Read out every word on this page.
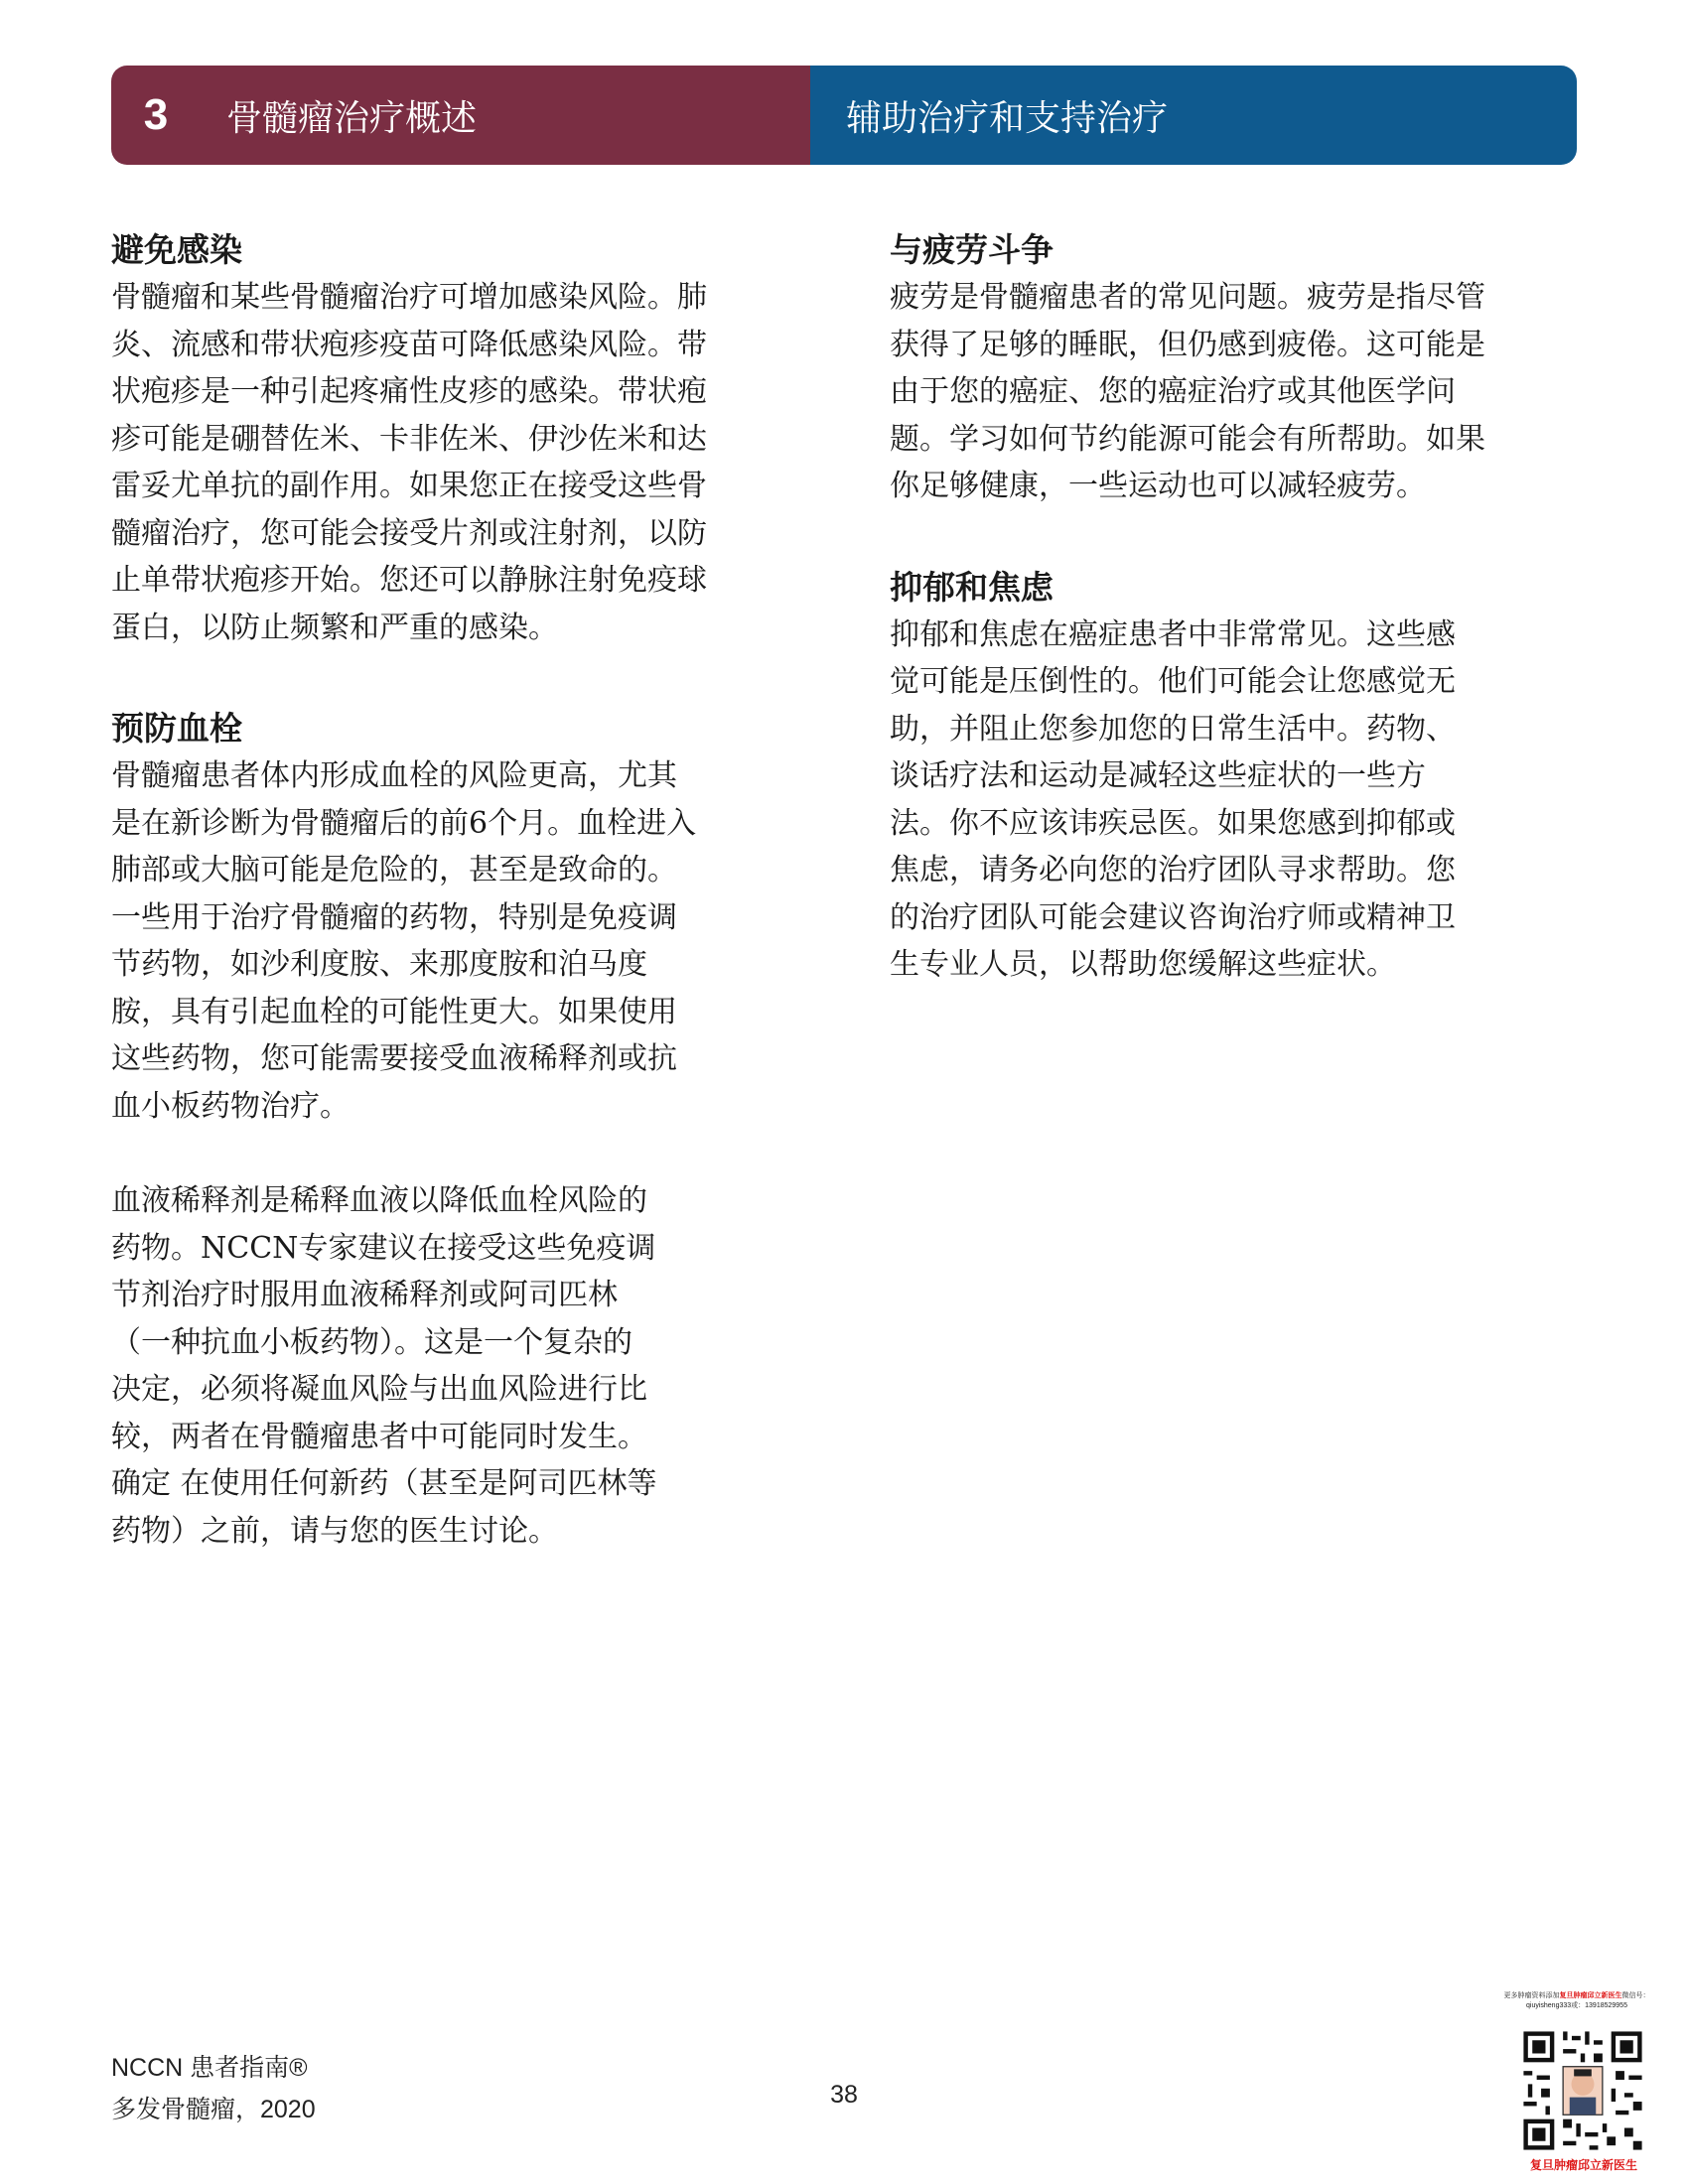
3	骨髓瘤治疗概述	辅助治疗和支持治疗
避免感染

骨髓瘤和某些骨髓瘤治疗可增加感染风险。肺
炎、流感和带状疱疹疫苗可降低感染风险。带
状疱疹是一种引起疼痛性皮疹的感染。带状疱
疹可能是硼替佐米、卡非佐米、伊沙佐米和达
雷妥尤单抗的副作用。如果您正在接受这些骨
髓瘤治疗，您可能会接受片剂或注射剂，以防
止单带状疱疹开始。您还可以静脉注射免疫球
蛋白，以防止频繁和严重的感染。

预防血栓

骨髓瘤患者体内形成血栓的风险更高，尤其
是在新诊断为骨髓瘤后的前6个月。血栓进入
肺部或大脑可能是危险的，甚至是致命的。
一些用于治疗骨髓瘤的药物，特别是免疫调
节药物，如沙利度胺、来那度胺和泊马度
胺，具有引起血栓的可能性更大。如果使用
这些药物，您可能需要接受血液稀释剂或抗
血小板药物治疗。

血液稀释剂是稀释血液以降低血栓风险的
药物。NCCN专家建议在接受这些免疫调
节剂治疗时服用血液稀释剂或阿司匹林
（一种抗血小板药物）。这是一个复杂的
决定，必须将凝血风险与出血风险进行比
较，两者在骨髓瘤患者中可能同时发生。
确定 在使用任何新药（甚至是阿司匹林等
药物）之前，请与您的医生讨论。

与疲劳斗争

疲劳是骨髓瘤患者的常见问题。疲劳是指尽管
获得了足够的睡眠，但仍感到疲倦。这可能是
由于您的癌症、您的癌症治疗或其他医学问
题。学习如何节约能源可能会有所帮助。如果
你足够健康，一些运动也可以减轻疲劳。

抑郁和焦虑

抑郁和焦虑在癌症患者中非常常见。这些感
觉可能是压倒性的。他们可能会让您感觉无
助，并阻止您参加您的日常生活中。药物、
谈话疗法和运动是减轻这些症状的一些方
法。你不应该讳疾忌医。如果您感到抑郁或
焦虑，请务必向您的治疗团队寻求帮助。您
的治疗团队可能会建议咨询治疗师或精神卫
生专业人员，以帮助您缓解这些症状。

NCCN 患者指南®
多发骨髓瘤，2020
38
更多肿瘤资料添加复旦肿瘤邱立新医生微信号：
qiuyisheng333或：13918529955
复旦肿瘤邱立新医生
